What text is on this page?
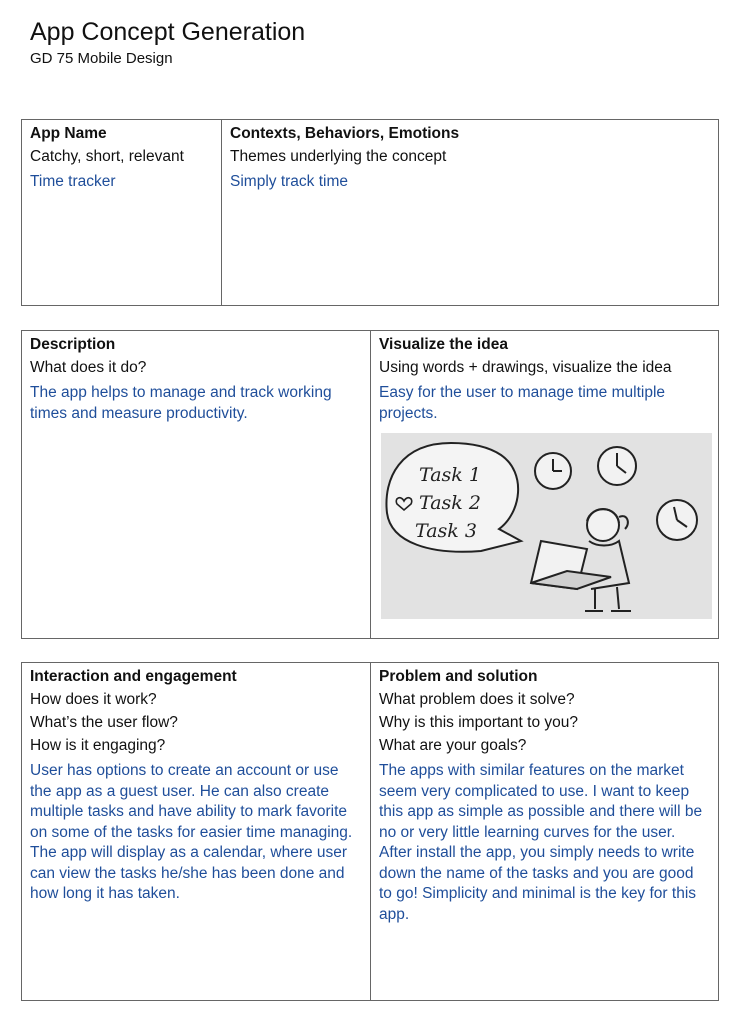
App Concept Generation
GD 75 Mobile Design
App Name
Catchy, short, relevant
Time tracker
Contexts, Behaviors, Emotions
Themes underlying the concept
Simply track time
Description
What does it do?
The app helps to manage and track working times and measure productivity.
Visualize the idea
Using words + drawings, visualize the idea
Easy for the user to manage time multiple projects.
Task 1
Task 2
Task 3
Interaction and engagement
How does it work?
What’s the user flow?
How is it engaging?
User has options to create an account or use the app as a guest user. He can also create multiple tasks and have ability to mark favorite on some of the tasks for easier time managing. The app will display as a calendar, where user can view the tasks he/she has been done and how long it has taken.
Problem and solution
What problem does it solve?
Why is this important to you?
What are your goals?
The apps with similar features on the market seem very complicated to use. I want to keep this app as simple as possible and there will be no or very little learning curves for the user. After install the app, you simply needs to write down the name of the tasks and you are good to go! Simplicity and minimal is the key for this app.
